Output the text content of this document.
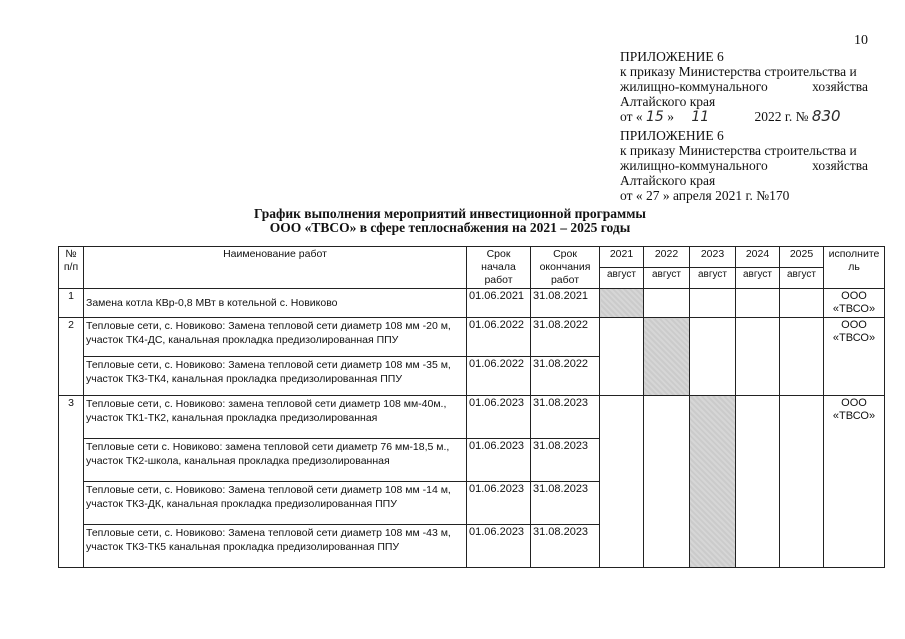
10
ПРИЛОЖЕНИЕ 6
к приказу Министерства строительства и
жилищно-коммунального	хозяйства
Алтайского края
от « 15 » 11	2022 г. № 830
ПРИЛОЖЕНИЕ 6
к приказу Министерства строительства и
жилищно-коммунального	хозяйства
Алтайского края
от « 27 » апреля 2021 г. №170
График выполнения мероприятий инвестиционной программы
ООО «ТВСО» в сфере теплоснабжения на 2021 – 2025 годы
№ п/п	Наименование работ	Срок начала работ	Срок окончания работ	2021	2022	2023	2024	2025	исполнитель
				август	август	август	август	август	
1	Замена котла КВр-0,8 МВт в котельной с. Новиково	01.06.2021	31.08.2021						ООО «ТВСО»
2	Тепловые сети, с. Новиково: Замена тепловой сети диаметр 108 мм -20 м, участок ТК4-ДС, канальная прокладка предизолированная ППУ	01.06.2022	31.08.2022						ООО «ТВСО»
	Тепловые сети, с. Новиково: Замена тепловой сети диаметр 108 мм -35 м, участок ТК3-ТК4, канальная прокладка предизолированная ППУ	01.06.2022	31.08.2022						
3	Тепловые сети, с. Новиково: замена тепловой сети диаметр 108 мм-40м., участок ТК1-ТК2, канальная прокладка предизолированная	01.06.2023	31.08.2023						ООО «ТВСО»
	Тепловые сети с. Новиково: замена тепловой сети диаметр 76 мм-18,5 м., участок ТК2-школа, канальная прокладка предизолированная	01.06.2023	31.08.2023						
	Тепловые сети, с. Новиково: Замена тепловой сети диаметр 108 мм -14 м, участок ТК3-ДК, канальная прокладка предизолированная ППУ	01.06.2023	31.08.2023						
	Тепловые сети, с. Новиково: Замена тепловой сети диаметр 108 мм -43 м, участок ТК3-ТК5 канальная прокладка предизолированная ППУ	01.06.2023	31.08.2023						
